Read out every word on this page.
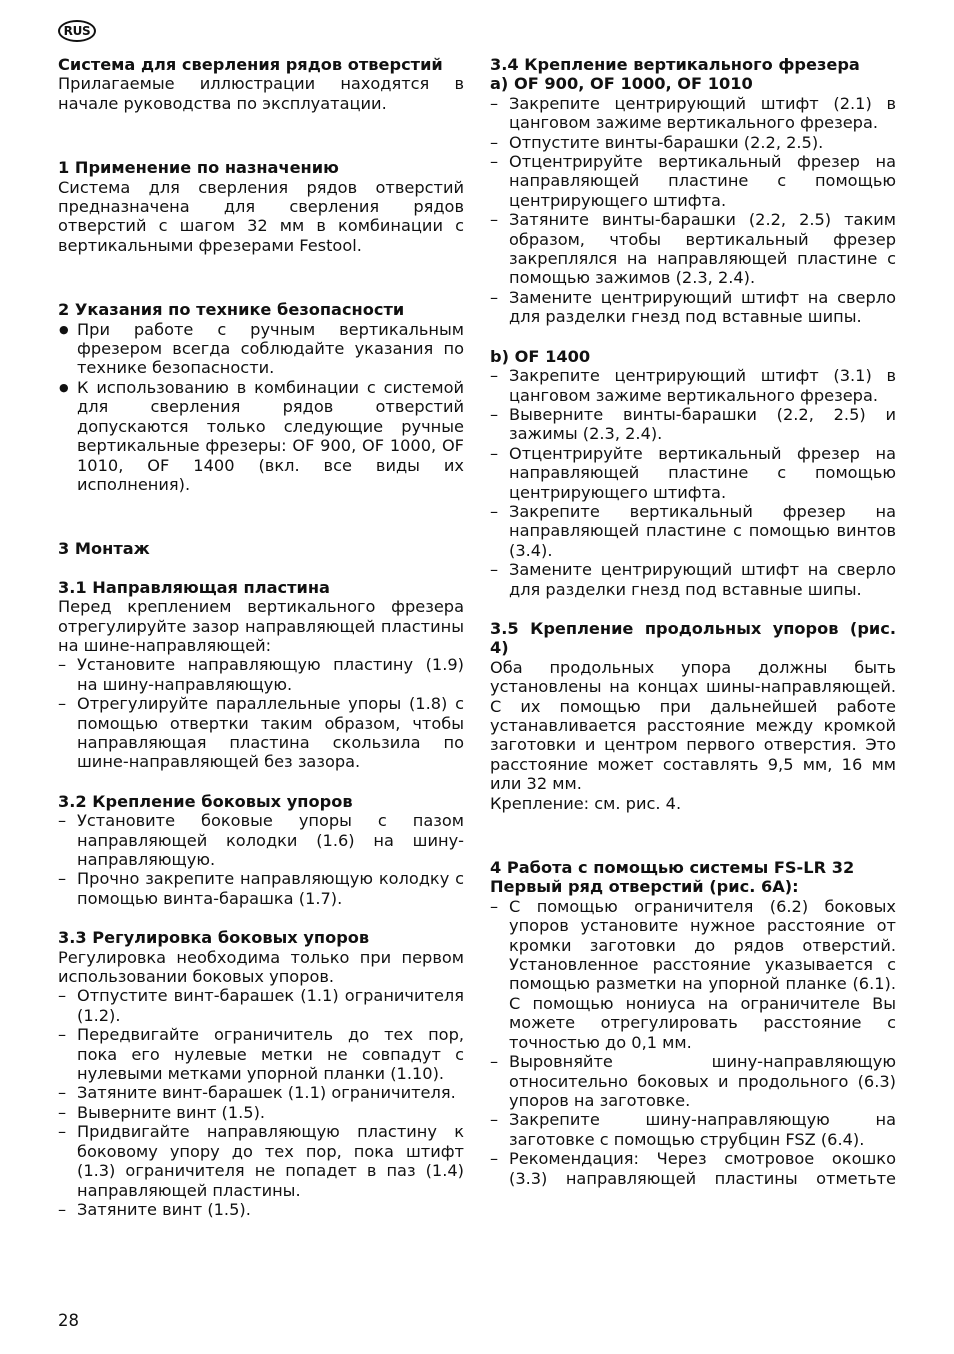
RUS

Система для сверления рядов отверстий

Прилагаемые иллюстрации находятся в начале руководства по эксплуатации.

1 Применение по назначению

Система для сверления рядов отверстий предназначена для сверления рядов отверстий с шагом 32 мм в комбинации с вертикальными фрезерами Festool.

2 Указания по технике безопасности

● При работе с ручным вертикальным фрезером всегда соблюдайте указания по технике безопасности.
● К использованию в комбинации с системой для сверления рядов отверстий допускаются только следующие ручные вертикальные фрезеры: OF 900, OF 1000, OF 1010, OF 1400 (вкл. все виды их исполнения).

3 Монтаж

3.1 Направляющая пластина

Перед креплением вертикального фрезера отрегулируйте зазор направляющей пластины на шине-направляющей:

– Установите направляющую пластину (1.9) на шину-направляющую.
– Отрегулируйте параллельные упоры (1.8) с помощью отвертки таким образом, чтобы направляющая пластина скользила по шине-направляющей без зазора.

3.2 Крепление боковых упоров

– Установите боковые упоры с пазом направляющей колодки (1.6) на шину-направляющую.
– Прочно закрепите направляющую колодку с помощью винта-барашка (1.7).

3.3 Регулировка боковых упоров

Регулировка необходима только при первом использовании боковых упоров.

– Отпустите винт-барашек (1.1) ограничителя (1.2).
– Передвигайте ограничитель до тех пор, пока его нулевые метки не совпадут с нулевыми метками упорной планки (1.10).
– Затяните винт-барашек (1.1) ограничителя.
– Выверните винт (1.5).
– Придвигайте направляющую пластину к боковому упору до тех пор, пока штифт (1.3) ограничителя не попадет в паз (1.4) направляющей пластины.
– Затяните винт (1.5).

3.4 Крепление вертикального фрезера

a) OF 900, OF 1000, OF 1010

– Закрепите центрирующий штифт (2.1) в цанговом зажиме вертикального фрезера.
– Отпустите винты-барашки (2.2, 2.5).
– Отцентрируйте вертикальный фрезер на направляющей пластине с помощью центрирующего штифта.
– Затяните винты-барашки (2.2, 2.5) таким образом, чтобы вертикальный фрезер закреплялся на направляющей пластине с помощью зажимов (2.3, 2.4).
– Замените центрирующий штифт на сверло для разделки гнезд под вставные шипы.

b) OF 1400

– Закрепите центрирующий штифт (3.1) в цанговом зажиме вертикального фрезера.
– Выверните винты-барашки (2.2, 2.5) и зажимы (2.3, 2.4).
– Отцентрируйте вертикальный фрезер на направляющей пластине с помощью центрирующего штифта.
– Закрепите вертикальный фрезер на направляющей пластине с помощью винтов (3.4).
– Замените центрирующий штифт на сверло для разделки гнезд под вставные шипы.

3.5 Крепление продольных упоров (рис. 4)

Оба продольных упора должны быть установлены на концах шины-направляющей. С их помощью при дальнейшей работе устанавливается расстояние между кромкой заготовки и центром первого отверстия. Это расстояние может составлять 9,5 мм, 16 мм или 32 мм.

Крепление: см. рис. 4.

4 Работа с помощью системы FS-LR 32

Первый ряд отверстий (рис. 6A):

– С помощью ограничителя (6.2) боковых упоров установите нужное расстояние от кромки заготовки до рядов отверстий. Установленное расстояние указывается с помощью разметки на упорной планке (6.1). С помощью нониуса на ограничителе Вы можете отрегулировать расстояние с точностью до 0,1 мм.
– Выровняйте шину-направляющую относительно боковых и продольного (6.3) упоров на заготовке.
– Закрепите шину-направляющую на заготовке с помощью струбцин FSZ (6.4).
– Рекомендация: Через смотровое окошко (3.3) направляющей пластины отметьте
28
